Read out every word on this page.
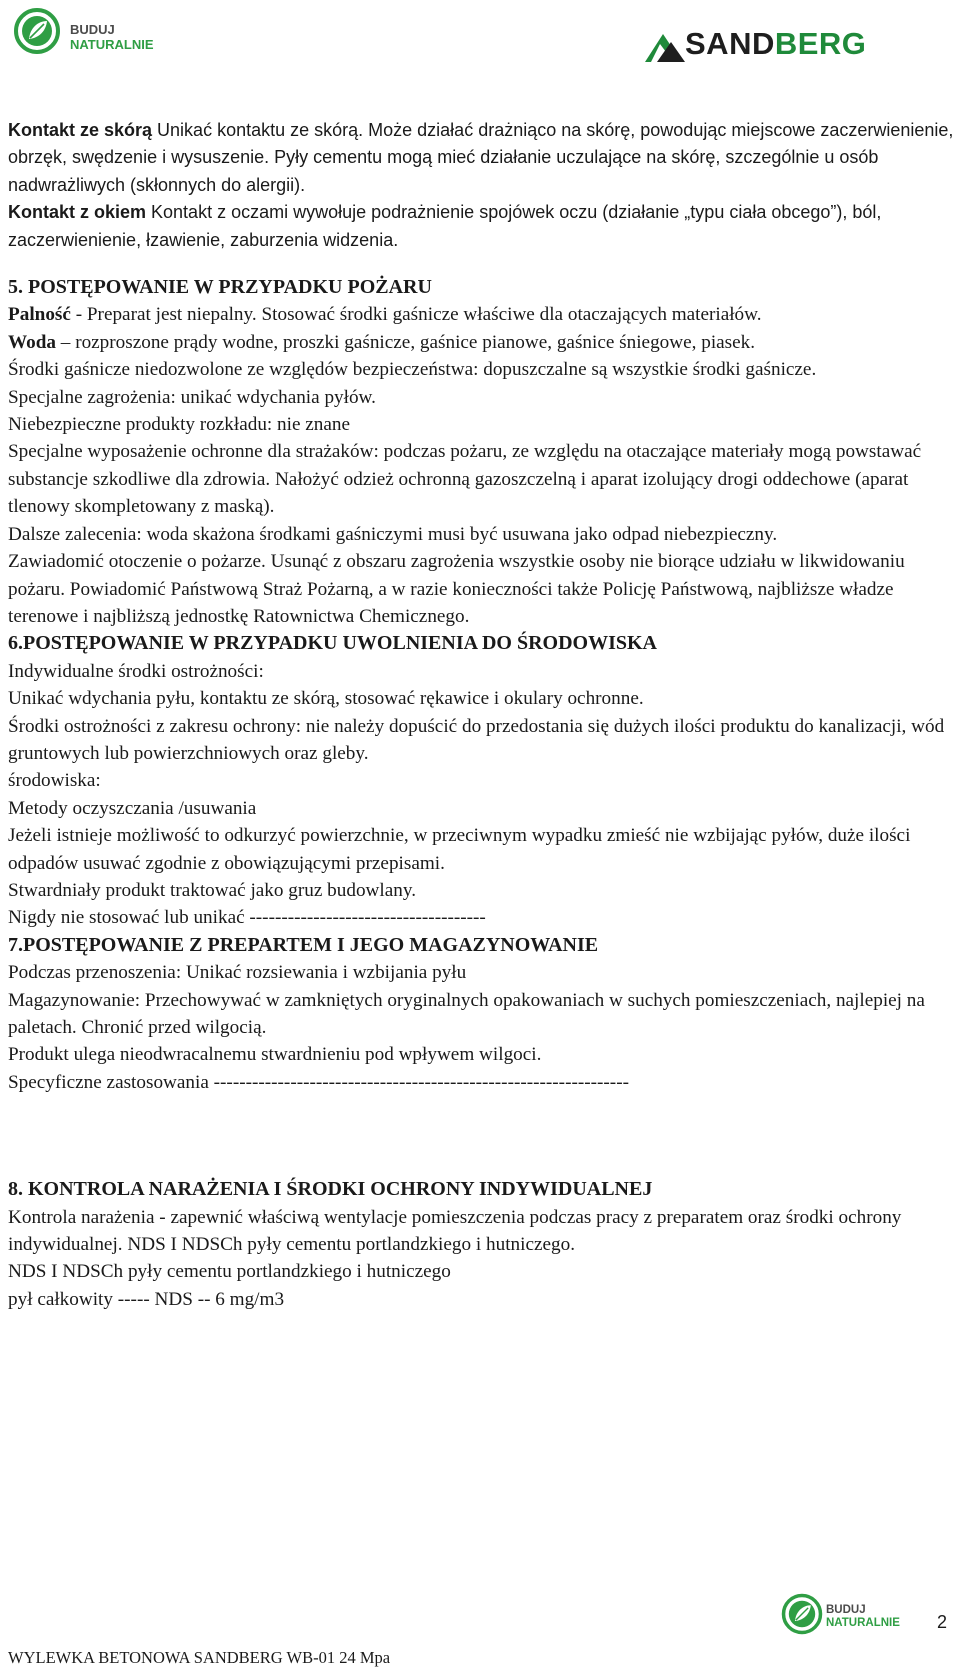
BUDUJ
NATURALNIE	SANDBERG

Kontakt ze skórą Unikać kontaktu ze skórą. Może działać drażniąco na skórę, powodując miejscowe zaczerwienienie, obrzęk, swędzenie i wysuszenie. Pyły cementu mogą mieć działanie uczulające na skórę, szczególnie u osób nadwrażliwych (skłonnych do alergii).

Kontakt z okiem Kontakt z oczami wywołuje podrażnienie spojówek oczu (działanie „typu ciała obcego”), ból, zaczerwienienie, łzawienie, zaburzenia widzenia.

5. POSTĘPOWANIE W PRZYPADKU POŻARU

Palność - Preparat jest niepalny. Stosować środki gaśnicze właściwe dla otaczających materiałów.

Woda – rozproszone prądy wodne, proszki gaśnicze, gaśnice pianowe, gaśnice śniegowe, piasek.

Środki gaśnicze niedozwolone ze względów bezpieczeństwa: dopuszczalne są wszystkie środki gaśnicze.

Specjalne zagrożenia: unikać wdychania pyłów.

Niebezpieczne produkty rozkładu: nie znane

Specjalne wyposażenie ochronne dla strażaków: podczas pożaru, ze względu na otaczające materiały mogą powstawać substancje szkodliwe dla zdrowia. Nałożyć odzież ochronną gazoszczelną i aparat izolujący drogi oddechowe (aparat tlenowy skompletowany z maską).

Dalsze zalecenia: woda skażona środkami gaśniczymi musi być usuwana jako odpad niebezpieczny.

Zawiadomić otoczenie o pożarze. Usunąć z obszaru zagrożenia wszystkie osoby nie biorące udziału w likwidowaniu pożaru. Powiadomić Państwową Straż Pożarną, a w razie konieczności także Policję Państwową, najbliższe władze terenowe i najbliższą jednostkę Ratownictwa Chemicznego.

6.POSTĘPOWANIE W PRZYPADKU UWOLNIENIA DO ŚRODOWISKA

Indywidualne środki ostrożności:

Unikać wdychania pyłu, kontaktu ze skórą, stosować rękawice i okulary ochronne.

Środki ostrożności z zakresu ochrony: nie należy dopuścić do przedostania się dużych ilości produktu do kanalizacji, wód gruntowych lub powierzchniowych oraz gleby.

środowiska:

Metody oczyszczania /usuwania

Jeżeli istnieje możliwość to odkurzyć powierzchnie, w przeciwnym wypadku zmieść nie wzbijając pyłów, duże ilości odpadów usuwać zgodnie z obowiązującymi przepisami.

Stwardniały produkt traktować jako gruz budowlany.

Nigdy nie stosować lub unikać -------------------------------------

7.POSTĘPOWANIE Z PREPARTEM I JEGO MAGAZYNOWANIE

Podczas przenoszenia: Unikać rozsiewania i wzbijania pyłu

Magazynowanie: Przechowywać w zamkniętych oryginalnych opakowaniach w suchych pomieszczeniach, najlepiej na paletach. Chronić przed wilgocią.

Produkt ulega nieodwracalnemu stwardnieniu pod wpływem wilgoci.

Specyficzne zastosowania -----------------------------------------------------------------

8. KONTROLA NARAŻENIA I ŚRODKI OCHRONY INDYWIDUALNEJ

Kontrola narażenia - zapewnić właściwą wentylacje pomieszczenia podczas pracy z preparatem oraz środki ochrony indywidualnej. NDS I NDSCh pyły cementu portlandzkiego i hutniczego.

NDS I NDSCh pyły cementu portlandzkiego i hutniczego

pył całkowity ----- NDS -- 6 mg/m3

BUDUJ
NATURALNIE 2
WYLEWKA BETONOWA SANDBERG WB-01 24 Mpa
